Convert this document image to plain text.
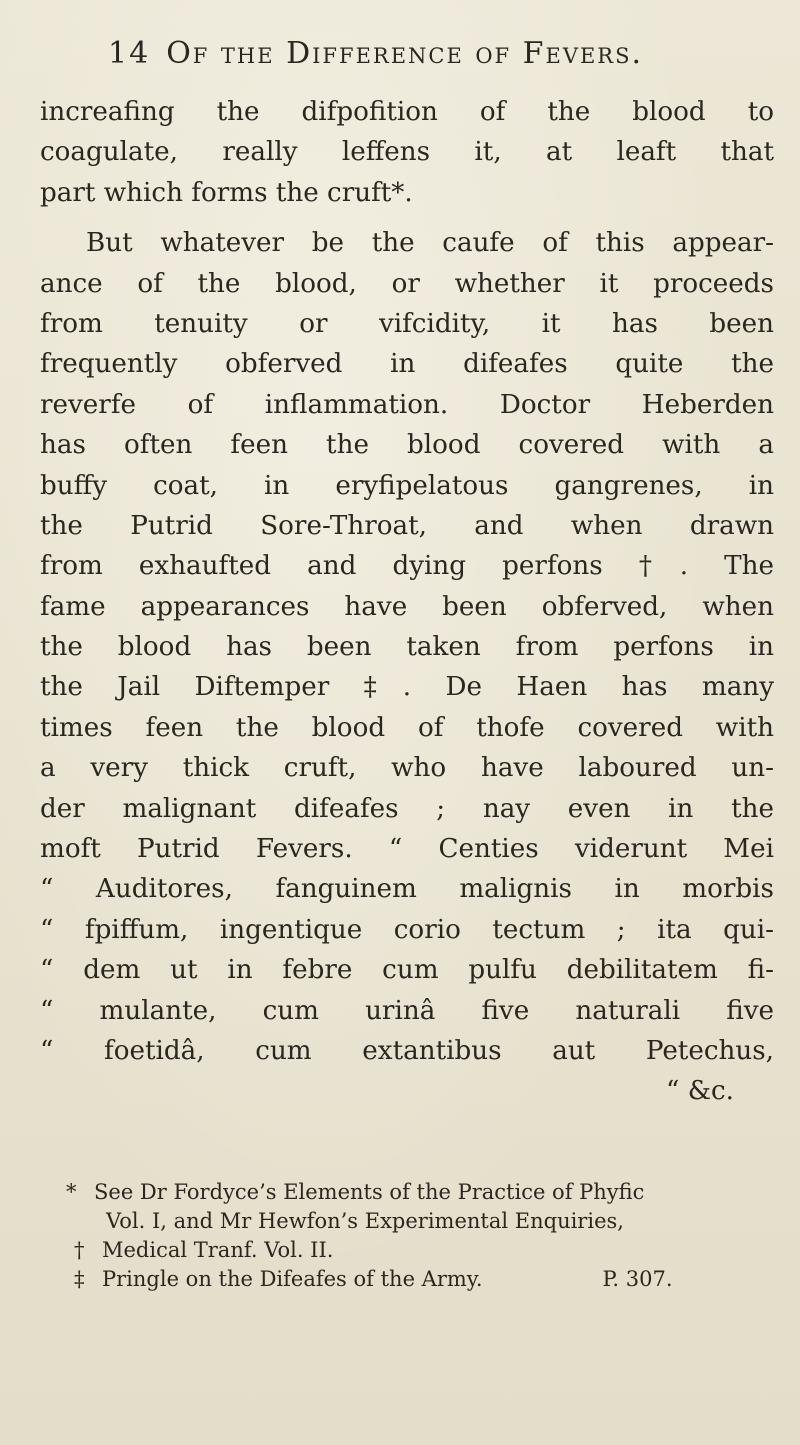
14 Of the Difference of Fevers.
increafing the difpofition of the blood to
coagulate, really leffens it, at leaft that
part which forms the cruft*.
But whatever be the caufe of this appear-
ance of the blood, or whether it proceeds
from tenuity or vifcidity, it has been
frequently obferved in difeafes quite the
reverfe of inflammation. Doctor Heberden
has often feen the blood covered with a
buffy coat, in eryfipelatous gangrenes, in
the Putrid Sore-Throat, and when drawn
from exhaufted and dying perfons †. The
fame appearances have been obferved, when
the blood has been taken from perfons in
the Jail Diftemper ‡. De Haen has many
times feen the blood of thofe covered with
a very thick cruft, who have laboured un-
der malignant difeafes ; nay even in the
moft Putrid Fevers. “ Centies viderunt Mei
“ Auditores, fanguinem malignis in morbis
“ fpiffum, ingentique corio tectum ; ita qui-
“ dem ut in febre cum pulfu debilitatem fi-
“ mulante, cum urinâ five naturali five
“ foetidâ, cum extantibus aut Petechus,
“ &c.
* See Dr Fordyce’s Elements of the Practice of Phyfic
Vol. I, and Mr Hewfon’s Experimental Enquiries,
† Medical Tranf. Vol. II.
‡ Pringle on the Difeafes of the Army.	P. 307.
